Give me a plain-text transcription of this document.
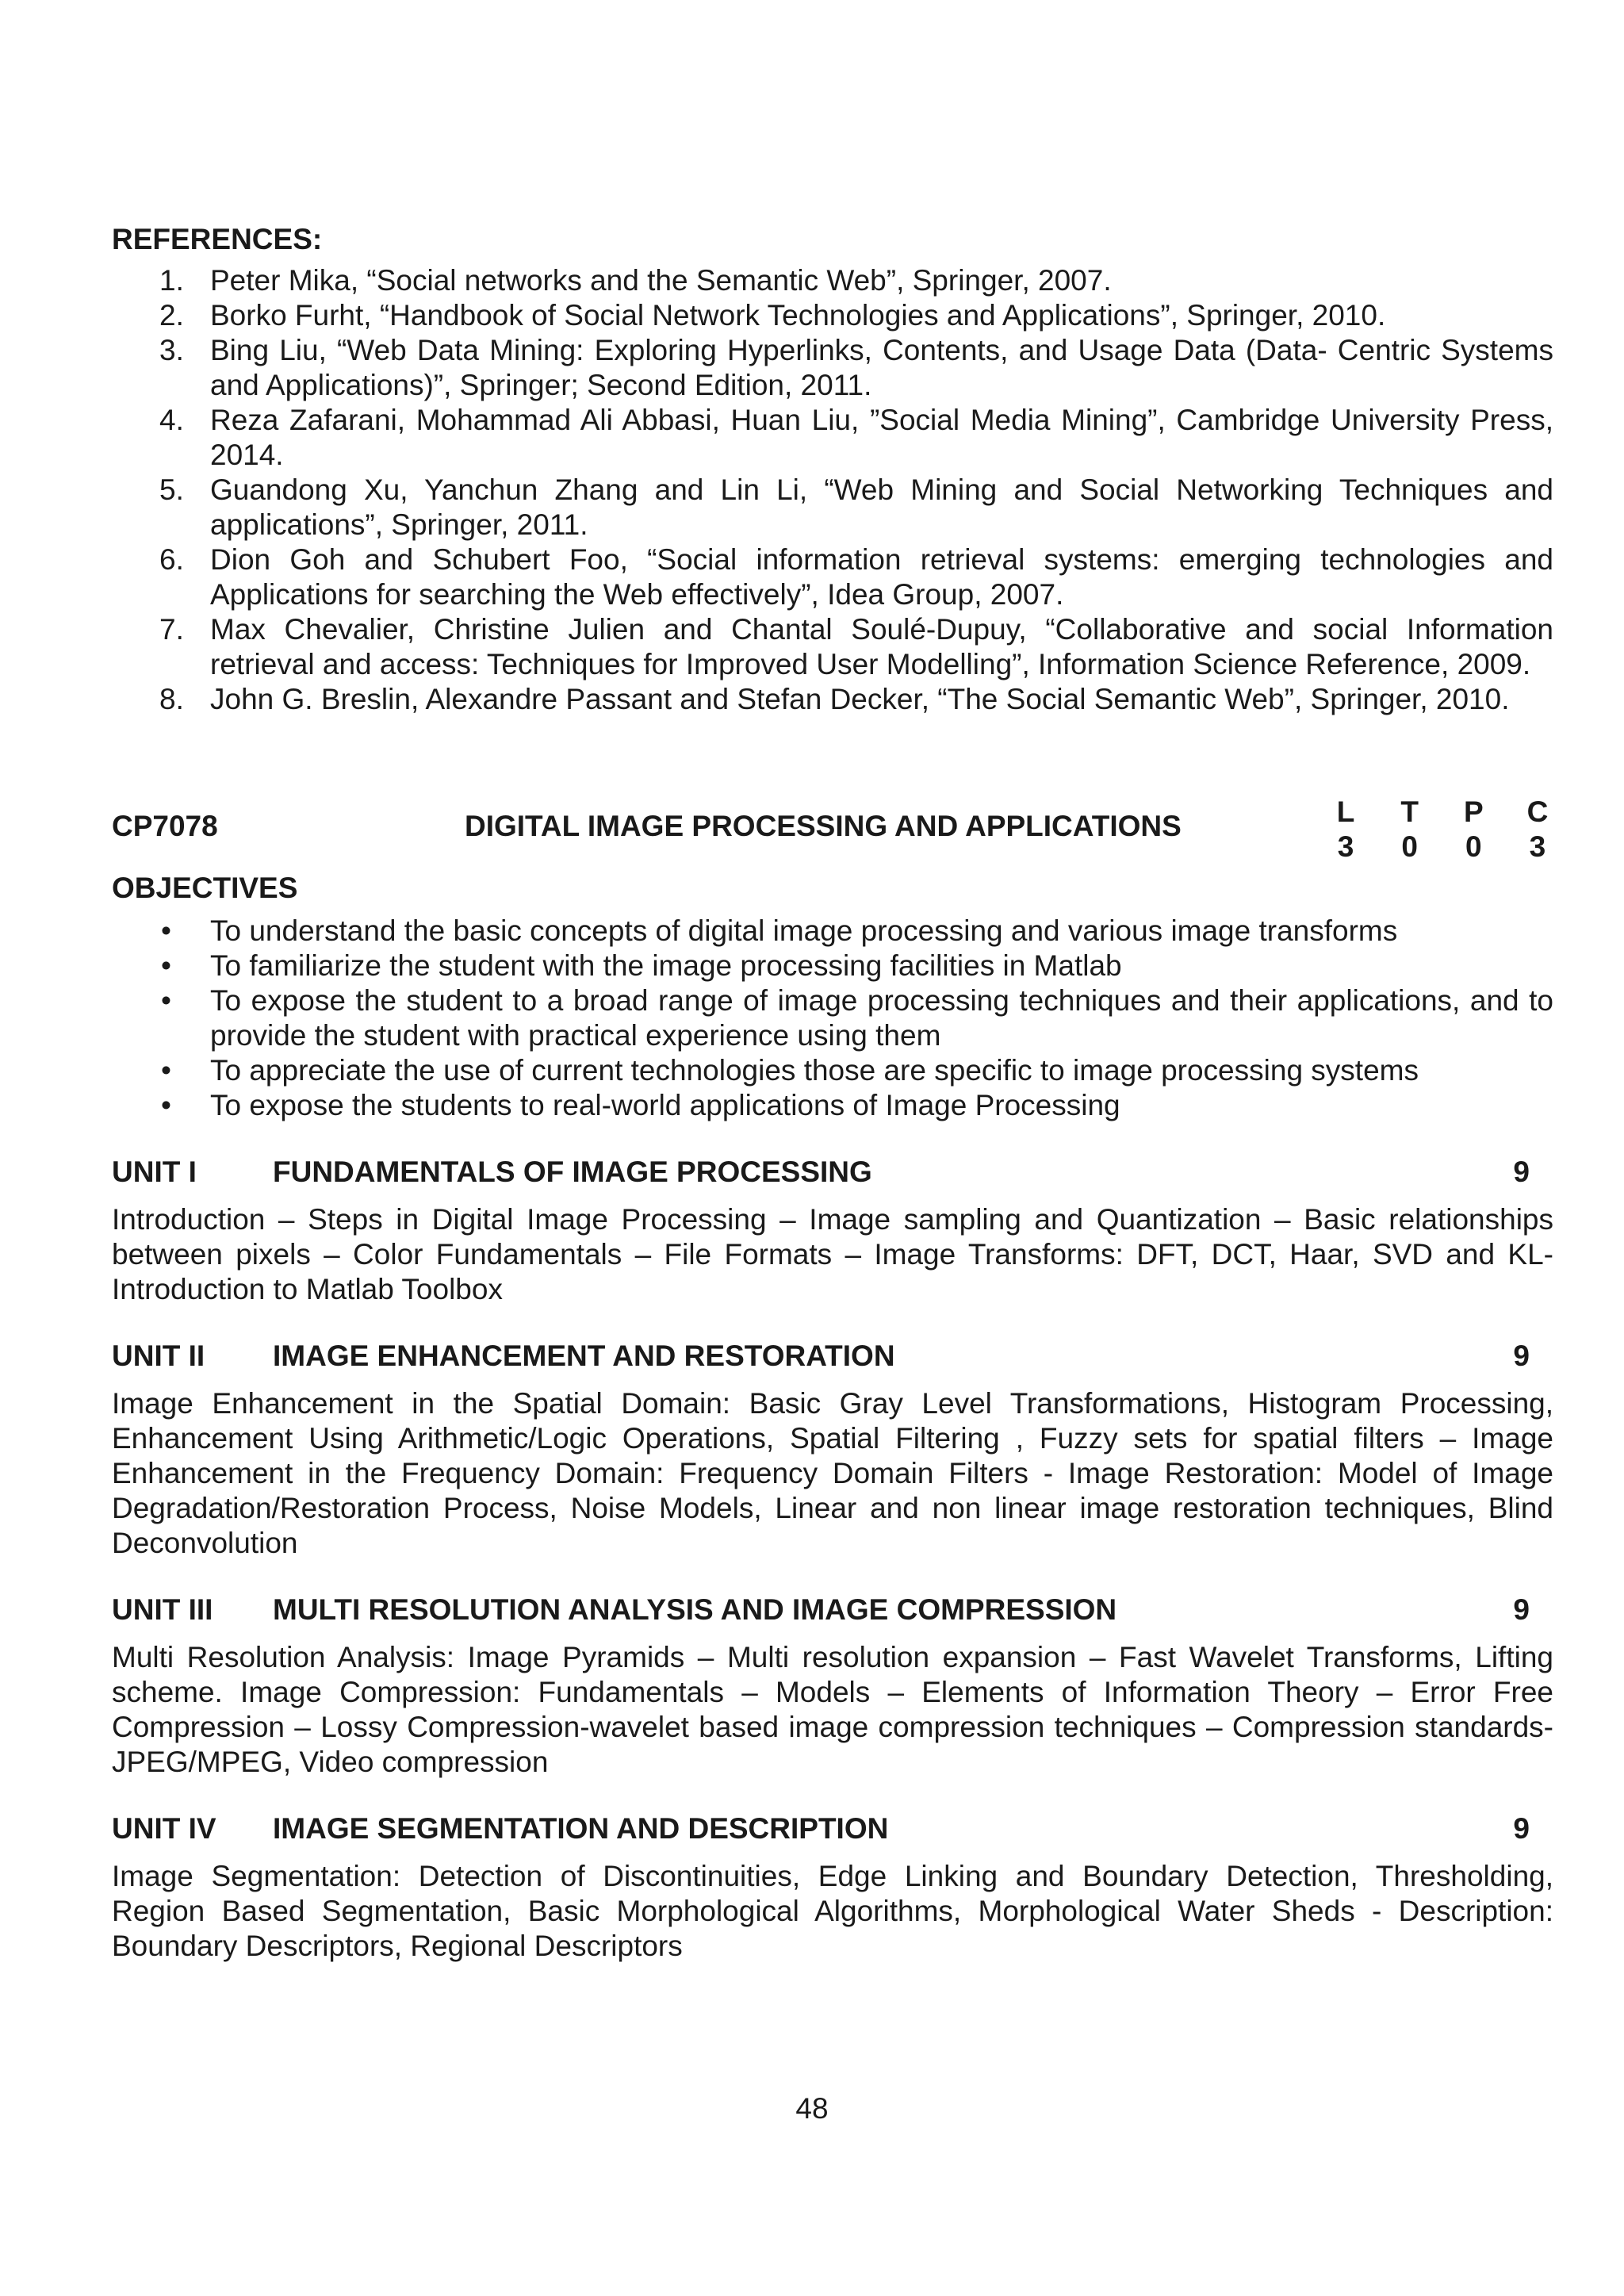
REFERENCES:
1. Peter Mika, “Social networks and the Semantic Web”, Springer, 2007.
2. Borko Furht, “Handbook of Social Network Technologies and Applications”, Springer, 2010.
3. Bing Liu, “Web Data Mining: Exploring Hyperlinks, Contents, and Usage Data (Data- Centric Systems and Applications)”, Springer; Second Edition, 2011.
4. Reza Zafarani, Mohammad Ali Abbasi, Huan Liu, ”Social Media Mining”, Cambridge University Press, 2014.
5. Guandong Xu, Yanchun Zhang and Lin Li, “Web Mining and Social Networking Techniques and applications”, Springer, 2011.
6. Dion Goh and Schubert Foo, “Social information retrieval systems: emerging technologies and Applications for searching the Web effectively”, Idea Group, 2007.
7. Max Chevalier, Christine Julien and Chantal Soulé-Dupuy, “Collaborative and social Information retrieval and access: Techniques for Improved User Modelling”, Information Science Reference, 2009.
8. John G. Breslin, Alexandre Passant and Stefan Decker, “The Social Semantic Web”, Springer, 2010.
CP7078	DIGITAL IMAGE PROCESSING AND APPLICATIONS	L T P C
3 0 0 3
OBJECTIVES
• To understand the basic concepts of digital image processing and various image transforms
• To familiarize the student with the image processing facilities in Matlab
• To expose the student to a broad range of image processing techniques and their applications, and to provide the student with practical experience using them
• To appreciate the use of current technologies those are specific to image processing systems
• To expose the students to real-world applications of Image Processing
UNIT I	FUNDAMENTALS OF IMAGE PROCESSING	9
Introduction – Steps in Digital Image Processing – Image sampling and Quantization – Basic relationships between pixels – Color Fundamentals – File Formats – Image Transforms: DFT, DCT, Haar, SVD and KL- Introduction to Matlab Toolbox
UNIT II IMAGE ENHANCEMENT AND RESTORATION	9
Image Enhancement in the Spatial Domain: Basic Gray Level Transformations, Histogram Processing, Enhancement Using Arithmetic/Logic Operations, Spatial Filtering , Fuzzy sets for spatial filters – Image Enhancement in the Frequency Domain: Frequency Domain Filters - Image Restoration: Model of Image Degradation/Restoration Process, Noise Models, Linear and non linear image restoration techniques, Blind Deconvolution
UNIT III MULTI RESOLUTION ANALYSIS AND IMAGE COMPRESSION	9
Multi Resolution Analysis: Image Pyramids – Multi resolution expansion – Fast Wavelet Transforms, Lifting scheme. Image Compression: Fundamentals – Models – Elements of Information Theory – Error Free Compression – Lossy Compression-wavelet based image compression techniques – Compression standards-JPEG/MPEG, Video compression
UNIT IV IMAGE SEGMENTATION AND DESCRIPTION	9
Image Segmentation: Detection of Discontinuities, Edge Linking and Boundary Detection, Thresholding, Region Based Segmentation, Basic Morphological Algorithms, Morphological Water Sheds - Description: Boundary Descriptors, Regional Descriptors
48
